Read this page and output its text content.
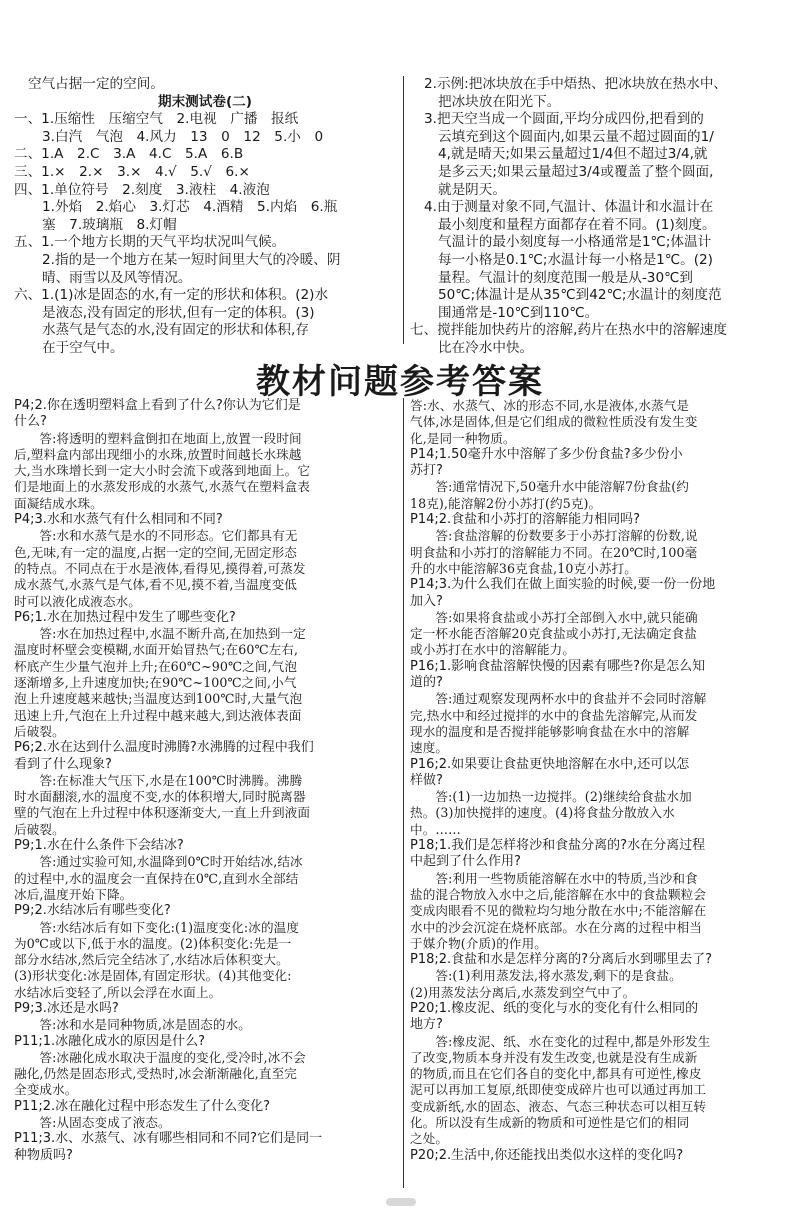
空气占据一定的空间。
期末测试卷(二)
一、1.压缩性　压缩空气　2.电视　广播　报纸
3.白汽　气泡　4.风力　13　0　12　5.小　0
二、1.A　2.C　3.A　4.C　5.A　6.B
三、1.×　2.×　3.×　4.√　5.√　6.×
四、1.单位符号　2.刻度　3.液柱　4.液泡
1.外焰　2.焰心　3.灯芯　4.酒精　5.内焰　6.瓶
塞　7.玻璃瓶　8.灯帽
五、1.一个地方长期的天气平均状况叫气候。
2.指的是一个地方在某一短时间里大气的冷暖、阴
晴、雨雪以及风等情况。
六、1.(1)冰是固态的水,有一定的形状和体积。(2)水
是液态,没有固定的形状,但有一定的体积。(3)
水蒸气是气态的水,没有固定的形状和体积,存
在于空气中。
2.示例:把冰块放在手中焐热、把冰块放在热水中、
把冰块放在阳光下。
3.把天空当成一个圆面,平均分成四份,把看到的
云填充到这个圆面内,如果云量不超过圆面的1/
4,就是晴天;如果云量超过1/4但不超过3/4,就
是多云天;如果云量超过3/4或覆盖了整个圆面,
就是阴天。
4.由于测量对象不同,气温计、体温计和水温计在
最小刻度和量程方面都存在着不同。(1)刻度。
气温计的最小刻度每一小格通常是1℃;体温计
每一小格是0.1℃;水温计每一小格是1℃。(2)
量程。气温计的刻度范围一般是从-30℃到
50℃;体温计是从35℃到42℃;水温计的刻度范
围通常是-10℃到110℃。
七、搅拌能加快药片的溶解,药片在热水中的溶解速度
比在冷水中快。
教材问题参考答案
P4;2.你在透明塑料盒上看到了什么?你认为它们是
什么?
　　答:将透明的塑料盒倒扣在地面上,放置一段时间
后,塑料盒内部出现细小的水珠,放置时间越长水珠越
大,当水珠增长到一定大小时会流下或落到地面上。它
们是地面上的水蒸发形成的水蒸气,水蒸气在塑料盒表
面凝结成水珠。
P4;3.水和水蒸气有什么相同和不同?
　　答:水和水蒸气是水的不同形态。它们都具有无
色,无味,有一定的温度,占据一定的空间,无固定形态
的特点。不同点在于水是液体,看得见,摸得着,可蒸发
成水蒸气,水蒸气是气体,看不见,摸不着,当温度变低
时可以液化成液态水。
P6;1.水在加热过程中发生了哪些变化?
　　答:水在加热过程中,水温不断升高,在加热到一定
温度时杯壁会变模糊,水面开始冒热气;在60℃左右,
杯底产生少量气泡并上升;在60℃~90℃之间,气泡
逐渐增多,上升速度加快;在90℃~100℃之间,小气
泡上升速度越来越快;当温度达到100℃时,大量气泡
迅速上升,气泡在上升过程中越来越大,到达液体表面
后破裂。
P6;2.水在达到什么温度时沸腾?水沸腾的过程中我们
看到了什么现象?
　　答:在标准大气压下,水是在100℃时沸腾。沸腾
时水面翻滚,水的温度不变,水的体积增大,同时脱离器
壁的气泡在上升过程中体积逐渐变大,一直上升到液面
后破裂。
P9;1.水在什么条件下会结冰?
　　答:通过实验可知,水温降到0℃时开始结冰,结冰
的过程中,水的温度会一直保持在0℃,直到水全部结
冰后,温度开始下降。
P9;2.水结冰后有哪些变化?
　　答:水结冰后有如下变化:(1)温度变化:冰的温度
为0℃或以下,低于水的温度。(2)体积变化:先是一
部分水结冰,然后完全结冰了,水结冰后体积变大。
(3)形状变化:冰是固体,有固定形状。(4)其他变化:
水结冰后变轻了,所以会浮在水面上。
P9;3.冰还是水吗?
　　答:冰和水是同种物质,冰是固态的水。
P11;1.冰融化成水的原因是什么?
　　答:冰融化成水取决于温度的变化,受冷时,冰不会
融化,仍然是固态形式,受热时,冰会渐渐融化,直至完
全变成水。
P11;2.冰在融化过程中形态发生了什么变化?
　　答:从固态变成了液态。
P11;3.水、水蒸气、冰有哪些相同和不同?它们是同一
种物质吗?
答:水、水蒸气、冰的形态不同,水是液体,水蒸气是
气体,冰是固体,但是它们组成的微粒性质没有发生变
化,是同一种物质。
P14;1.50毫升水中溶解了多少份食盐?多少份小
苏打?
　　答:通常情况下,50毫升水中能溶解7份食盐(约
18克),能溶解2份小苏打(约5克)。
P14;2.食盐和小苏打的溶解能力相同吗?
　　答:食盐溶解的份数要多于小苏打溶解的份数,说
明食盐和小苏打的溶解能力不同。在20℃时,100毫
升的水中能溶解36克食盐,10克小苏打。
P14;3.为什么我们在做上面实验的时候,要一份一份地
加入?
　　答:如果将食盐或小苏打全部倒入水中,就只能确
定一杯水能否溶解20克食盐或小苏打,无法确定食盐
或小苏打在水中的溶解能力。
P16;1.影响食盐溶解快慢的因素有哪些?你是怎么知
道的?
　　答:通过观察发现两杯水中的食盐并不会同时溶解
完,热水中和经过搅拌的水中的食盐先溶解完,从而发
现水的温度和是否搅拌能够影响食盐在水中的溶解
速度。
P16;2.如果要让食盐更快地溶解在水中,还可以怎
样做?
　　答:(1)一边加热一边搅拌。(2)继续给食盐水加
热。(3)加快搅拌的速度。(4)将食盐分散放入水
中。……
P18;1.我们是怎样将沙和食盐分离的?水在分离过程
中起到了什么作用?
　　答:利用一些物质能溶解在水中的特质,当沙和食
盐的混合物放入水中之后,能溶解在水中的食盐颗粒会
变成肉眼看不见的微粒均匀地分散在水中;不能溶解在
水中的沙会沉淀在烧杯底部。水在分离的过程中相当
于媒介物(介质)的作用。
P18;2.食盐和水是怎样分离的?分离后水到哪里去了?
　　答:(1)利用蒸发法,将水蒸发,剩下的是食盐。
(2)用蒸发法分离后,水蒸发到空气中了。
P20;1.橡皮泥、纸的变化与水的变化有什么相同的
地方?
　　答:橡皮泥、纸、水在变化的过程中,都是外形发生
了改变,物质本身并没有发生改变,也就是没有生成新
的物质,而且在它们各自的变化中,都具有可逆性,橡皮
泥可以再加工复原,纸即使变成碎片也可以通过再加工
变成新纸,水的固态、液态、气态三种状态可以相互转
化。所以没有生成新的物质和可逆性是它们的相同
之处。
P20;2.生活中,你还能找出类似水这样的变化吗?
